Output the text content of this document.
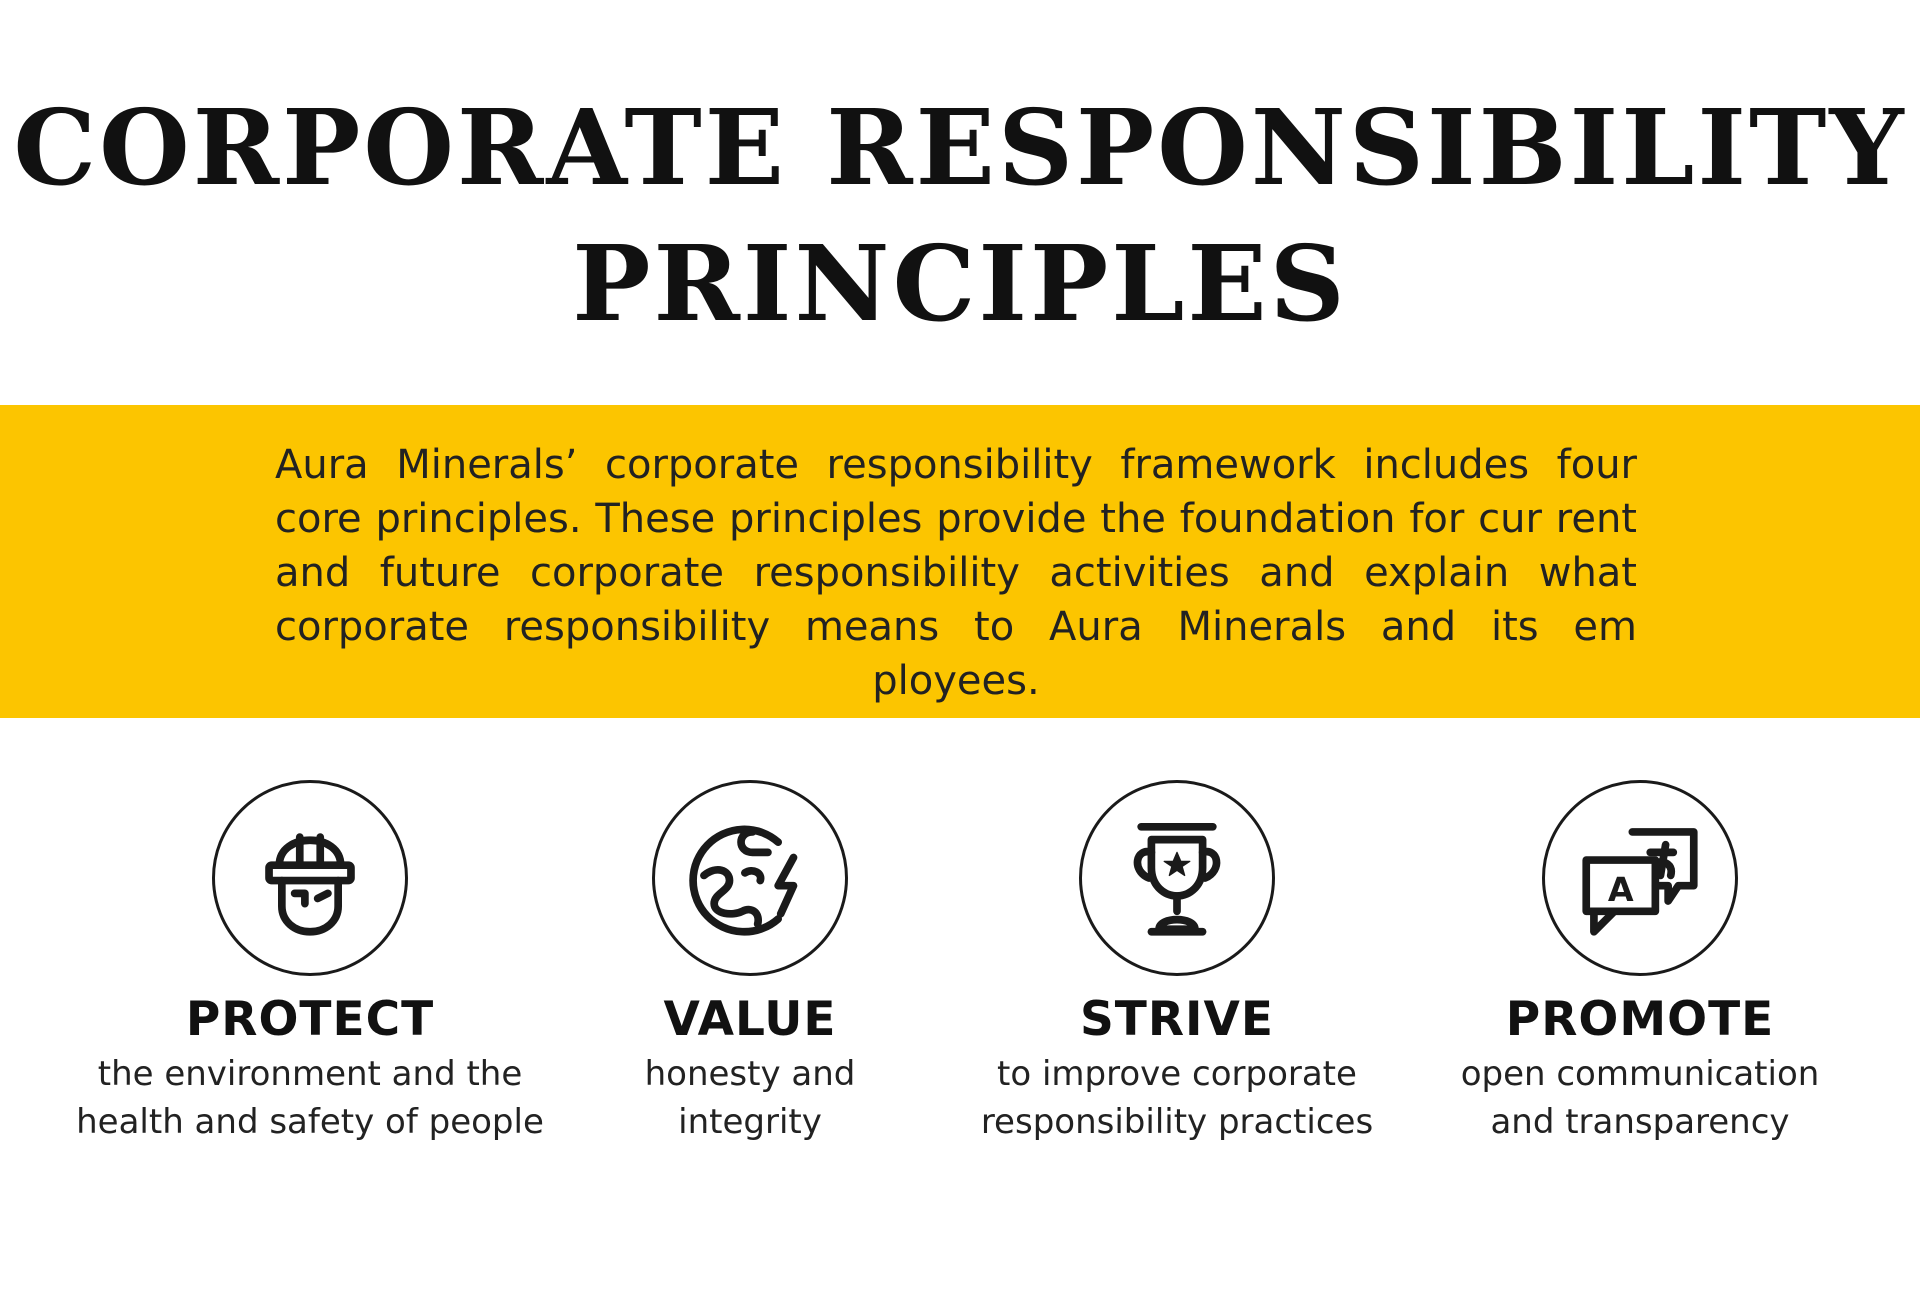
CORPORATE RESPONSIBILITY
PRINCIPLES

Aura Minerals’ corporate responsibility framework includes four core principles. These principles provide the foundation for cur rent and future corporate responsibility activities and explain what corporate responsibility means to Aura Minerals and its em ployees.

PROTECT
the environment and the
health and safety of people
VALUE
honesty and
integrity
STRIVE
to improve corporate
responsibility practices
A
PROMOTE
open communication
and transparency
